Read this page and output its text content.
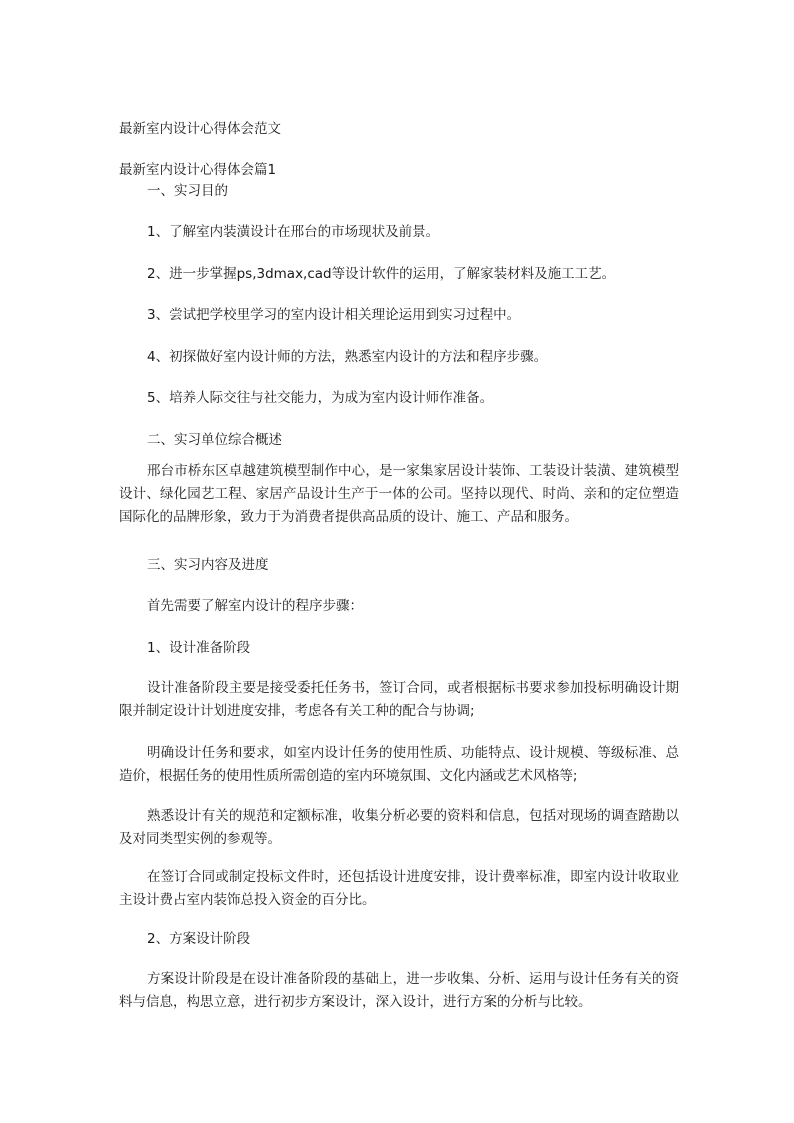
最新室内设计心得体会范文

最新室内设计心得体会篇1

一、实习目的

1、了解室内装潢设计在邢台的市场现状及前景。

2、进一步掌握ps,3dmax,cad等设计软件的运用，了解家装材料及施工工艺。

3、尝试把学校里学习的室内设计相关理论运用到实习过程中。

4、初探做好室内设计师的方法，熟悉室内设计的方法和程序步骤。

5、培养人际交往与社交能力，为成为室内设计师作准备。

二、实习单位综合概述

邢台市桥东区卓越建筑模型制作中心，是一家集家居设计装饰、工装设计装潢、建筑模型设计、绿化园艺工程、家居产品设计生产于一体的公司。坚持以现代、时尚、亲和的定位塑造国际化的品牌形象，致力于为消费者提供高品质的设计、施工、产品和服务。

三、实习内容及进度

首先需要了解室内设计的程序步骤：

1、设计准备阶段

设计准备阶段主要是接受委托任务书，签订合同，或者根据标书要求参加投标明确设计期限并制定设计计划进度安排，考虑各有关工种的配合与协调;

明确设计任务和要求，如室内设计任务的使用性质、功能特点、设计规模、等级标准、总造价，根据任务的使用性质所需创造的室内环境氛围、文化内涵或艺术风格等;

熟悉设计有关的规范和定额标准，收集分析必要的资料和信息，包括对现场的调查踏勘以及对同类型实例的参观等。

在签订合同或制定投标文件时，还包括设计进度安排，设计费率标准，即室内设计收取业主设计费占室内装饰总投入资金的百分比。

2、方案设计阶段

方案设计阶段是在设计准备阶段的基础上，进一步收集、分析、运用与设计任务有关的资料与信息，构思立意，进行初步方案设计，深入设计，进行方案的分析与比较。
